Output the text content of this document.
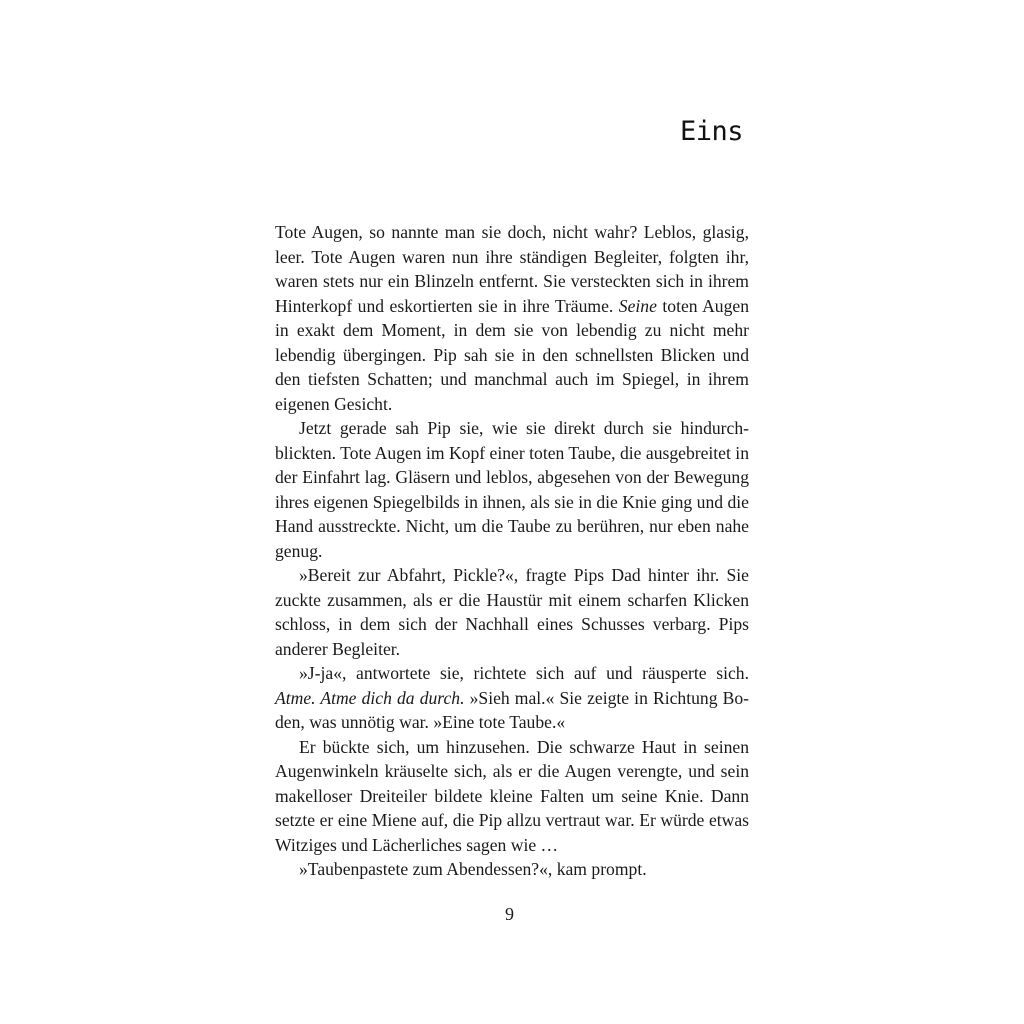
Eins

Tote Augen, so nannte man sie doch, nicht wahr? Leblos, glasig, leer. Tote Augen waren nun ihre ständigen Begleiter, folgten ihr, waren stets nur ein Blinzeln entfernt. Sie versteckten sich in ihrem Hinterkopf und eskortierten sie in ihre Träume. Seine toten Augen in exakt dem Moment, in dem sie von lebendig zu nicht mehr lebendig übergingen. Pip sah sie in den schnellsten Blicken und den tiefsten Schatten; und manchmal auch im Spiegel, in ihrem eigenen Gesicht.

Jetzt gerade sah Pip sie, wie sie direkt durch sie hindurchblickten. Tote Augen im Kopf einer toten Taube, die ausgebreitet in der Einfahrt lag. Gläsern und leblos, abgesehen von der Bewegung ihres eigenen Spiegelbilds in ihnen, als sie in die Knie ging und die Hand ausstreckte. Nicht, um die Taube zu berühren, nur eben nahe genug.

»Bereit zur Abfahrt, Pickle?«, fragte Pips Dad hinter ihr. Sie zuckte zusammen, als er die Haustür mit einem scharfen Klicken schloss, in dem sich der Nachhall eines Schusses verbarg. Pips anderer Begleiter.

»J-ja«, antwortete sie, richtete sich auf und räusperte sich. Atme. Atme dich da durch. »Sieh mal.« Sie zeigte in Richtung Boden, was unnötig war. »Eine tote Taube.«

Er bückte sich, um hinzusehen. Die schwarze Haut in seinen Augenwinkeln kräuselte sich, als er die Augen verengte, und sein makelloser Dreiteiler bildete kleine Falten um seine Knie. Dann setzte er eine Miene auf, die Pip allzu vertraut war. Er würde etwas Witziges und Lächerliches sagen wie …

»Taubenpastete zum Abendessen?«, kam prompt.

9
